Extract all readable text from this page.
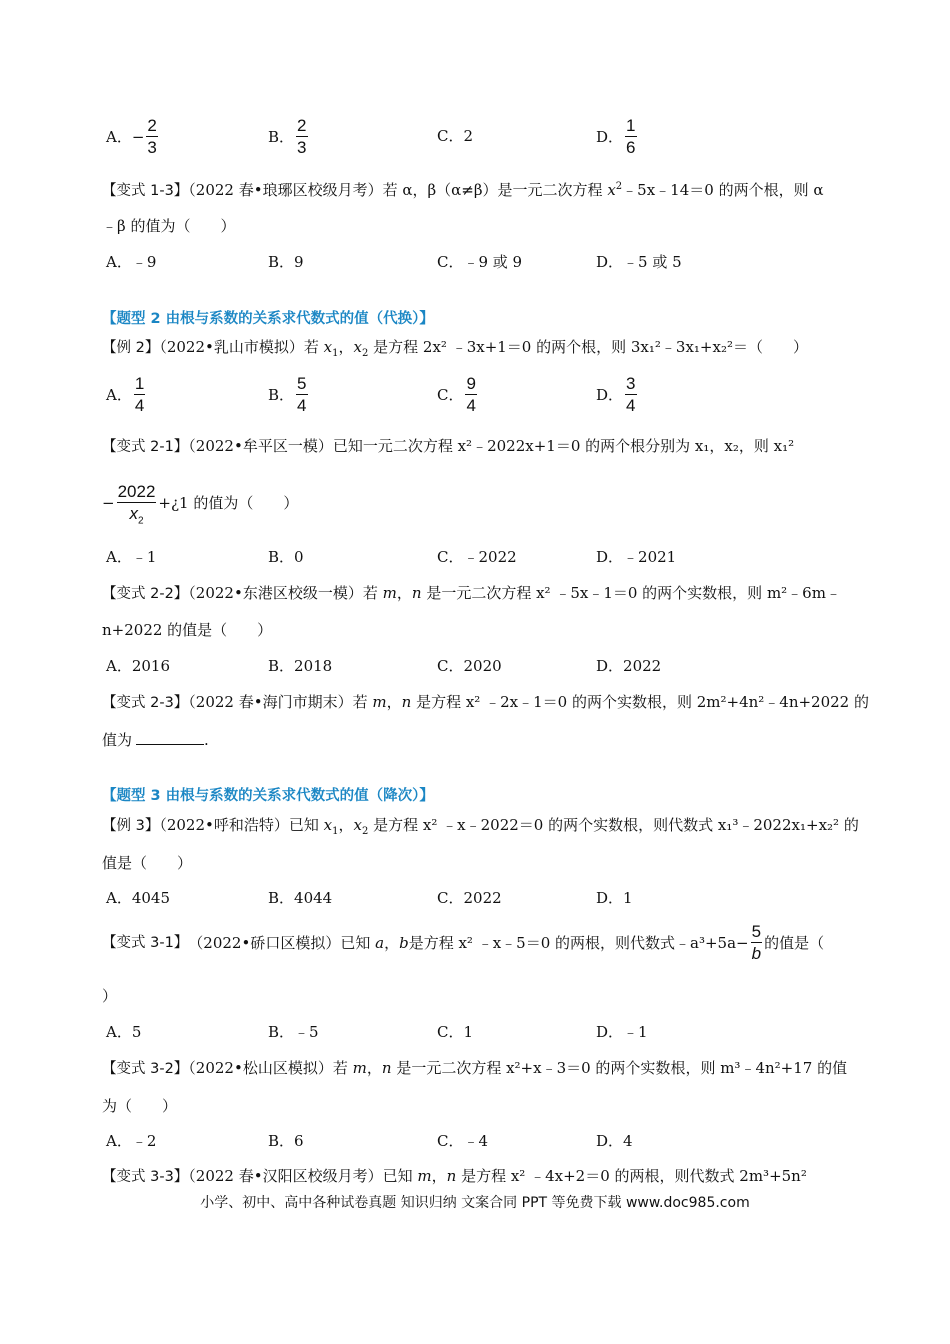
A． − $\frac{2}{3}$	B． $\frac{2}{3}$	C．2	D． $\frac{1}{6}$
【变式 1-3】（2022 春•琅琊区校级月考）若 α，β（α≠β）是一元二次方程 $x^2﹣5x﹣14=0$ 的两个根，则 α
﹣β 的值为（　　）
A．﹣9	B．9	C．﹣9 或 9	D．﹣5 或 5
【题型 2 由根与系数的关系求代数式的值（代换）】
【例 2】（2022•乳山市模拟）若 $x_1$，$x_2$ 是方程 2x² ﹣3x+1＝0 的两个根，则 3x₁²﹣3x₁+x₂²＝（　　）
A． $\frac{1}{4}$	B． $\frac{5}{4}$	C． $\frac{9}{4}$	D． $\frac{3}{4}$
【变式 2-1】（2022•牟平区一模）已知一元二次方程 x²﹣2022x+1＝0 的两个根分别为 x₁，x₂，则 x₁²
− $\frac{2022}{x_2}$ +¿1 的值为（　　）
A．﹣1	B．0	C．﹣2022	D．﹣2021
【变式 2-2】（2022•东港区校级一模）若 m，n 是一元二次方程 x² ﹣5x﹣1＝0 的两个实数根，则 m²﹣6m﹣
n+2022 的值是（　　）
A．2016	B．2018	C．2020	D．2022
【变式 2-3】（2022 春•海门市期末）若 m，n 是方程 x² ﹣2x﹣1＝0 的两个实数根，则 2m²+4n²﹣4n+2022 的
值为	.
【题型 3 由根与系数的关系求代数式的值（降次）】
【例 3】（2022•呼和浩特）已知 $x_1$，$x_2$ 是方程 x² ﹣x﹣2022＝0 的两个实数根，则代数式 x₁³﹣2022x₁+x₂² 的
值是（　　）
A．4045	B．4044	C．2022	D．1
【变式 3-1】 （2022•硚口区模拟） 已知 a，b 是方程 x² ﹣x﹣5＝0 的两根，则代数式﹣a³+5a − $\frac{5}{b}$ 的值是（
）
A．5	B．﹣5	C．1	D．﹣1
【变式 3-2】（2022•松山区模拟）若 m，n 是一元二次方程 x²+x﹣3＝0 的两个实数根，则 m³﹣4n²+17 的值
为（　　）
A．﹣2	B．6	C．﹣4	D．4
【变式 3-3】（2022 春•汉阳区校级月考）已知 m，n 是方程 x² ﹣4x+2＝0 的两根，则代数式 2m³+5n²
小学、初中、高中各种试卷真题 知识归纳 文案合同 PPT 等免费下载 www.doc985.com
